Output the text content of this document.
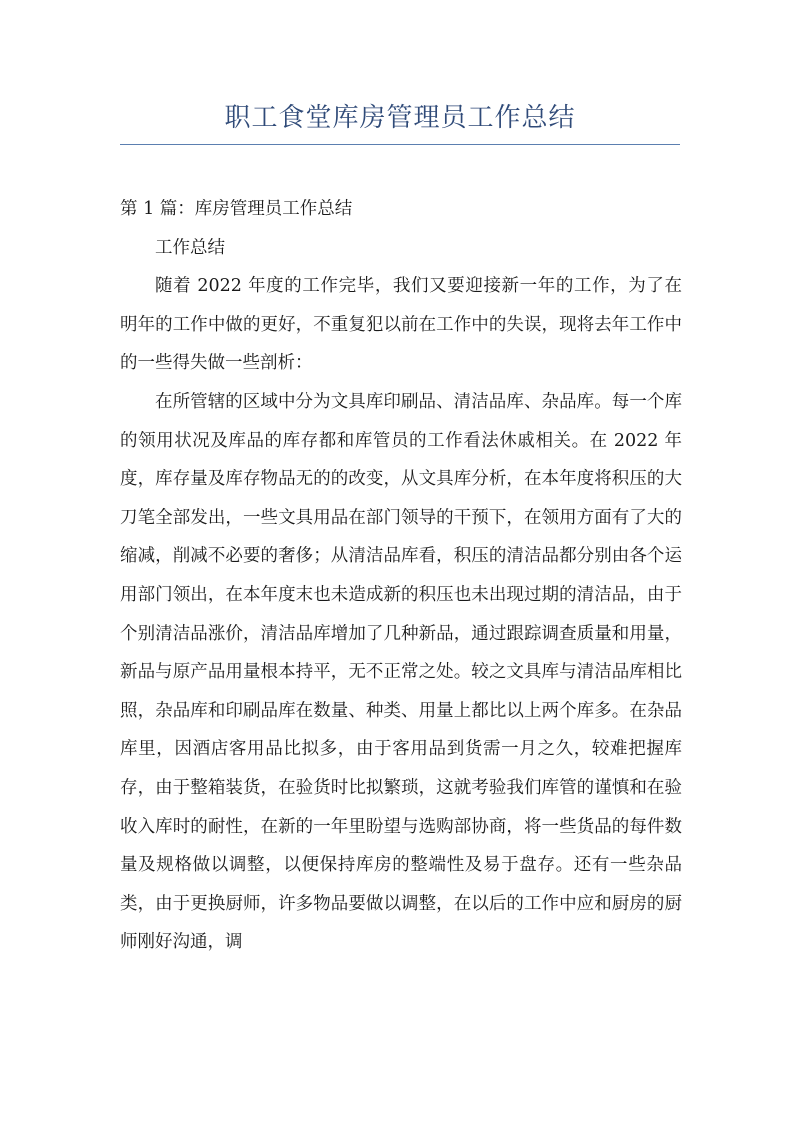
职工食堂库房管理员工作总结

第 1 篇：库房管理员工作总结

工作总结

随着 2022 年度的工作完毕，我们又要迎接新一年的工作，为了在明年的工作中做的更好，不重复犯以前在工作中的失误，现将去年工作中的一些得失做一些剖析：

在所管辖的区域中分为文具库印刷品、清洁品库、杂品库。每一个库的领用状况及库品的库存都和库管员的工作看法休戚相关。在 2022 年度，库存量及库存物品无的的改变，从文具库分析，在本年度将积压的大刀笔全部发出，一些文具用品在部门领导的干预下，在领用方面有了大的缩减，削减不必要的奢侈；从清洁品库看，积压的清洁品都分别由各个运用部门领出，在本年度末也未造成新的积压也未出现过期的清洁品，由于个别清洁品涨价，清洁品库增加了几种新品，通过跟踪调查质量和用量，新品与原产品用量根本持平，无不正常之处。较之文具库与清洁品库相比照，杂品库和印刷品库在数量、种类、用量上都比以上两个库多。在杂品库里，因酒店客用品比拟多，由于客用品到货需一月之久，较难把握库存，由于整箱装货，在验货时比拟繁琐，这就考验我们库管的谨慎和在验收入库时的耐性，在新的一年里盼望与选购部协商，将一些货品的每件数量及规格做以调整，以便保持库房的整端性及易于盘存。还有一些杂品类，由于更换厨师，许多物品要做以调整，在以后的工作中应和厨房的厨师刚好沟通，调
